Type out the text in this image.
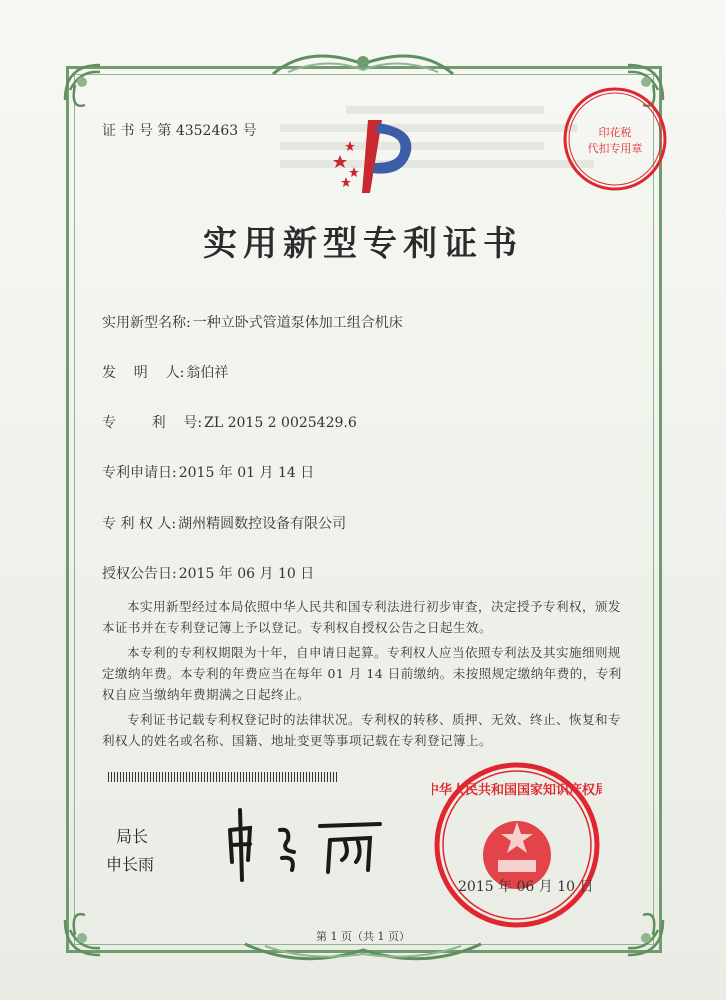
证 书 号 第 4352463 号	印花税
代扣专用章
实用新型专利证书
实用新型名称: 一种立卧式管道泵体加工组合机床
发    明    人: 翁伯祥
专        利    号: ZL 2015 2 0025429.6
专利申请日: 2015 年 01 月 14 日
专 利 权 人: 湖州精圆数控设备有限公司
授权公告日: 2015 年 06 月 10 日

本实用新型经过本局依照中华人民共和国专利法进行初步审查，决定授予专利权，颁发本证书并在专利登记簿上予以登记。专利权自授权公告之日起生效。

本专利的专利权期限为十年，自申请日起算。专利权人应当依照专利法及其实施细则规定缴纳年费。本专利的年费应当在每年 01 月 14 日前缴纳。未按照规定缴纳年费的，专利权自应当缴纳年费期满之日起终止。

专利证书记载专利权登记时的法律状况。专利权的转移、质押、无效、终止、恢复和专利权人的姓名或名称、国籍、地址变更等事项记载在专利登记簿上。

局长
申长雨
中华人民共和国国家知识产权局
2015 年 06 月 10 日
第 1 页（共 1 页）
